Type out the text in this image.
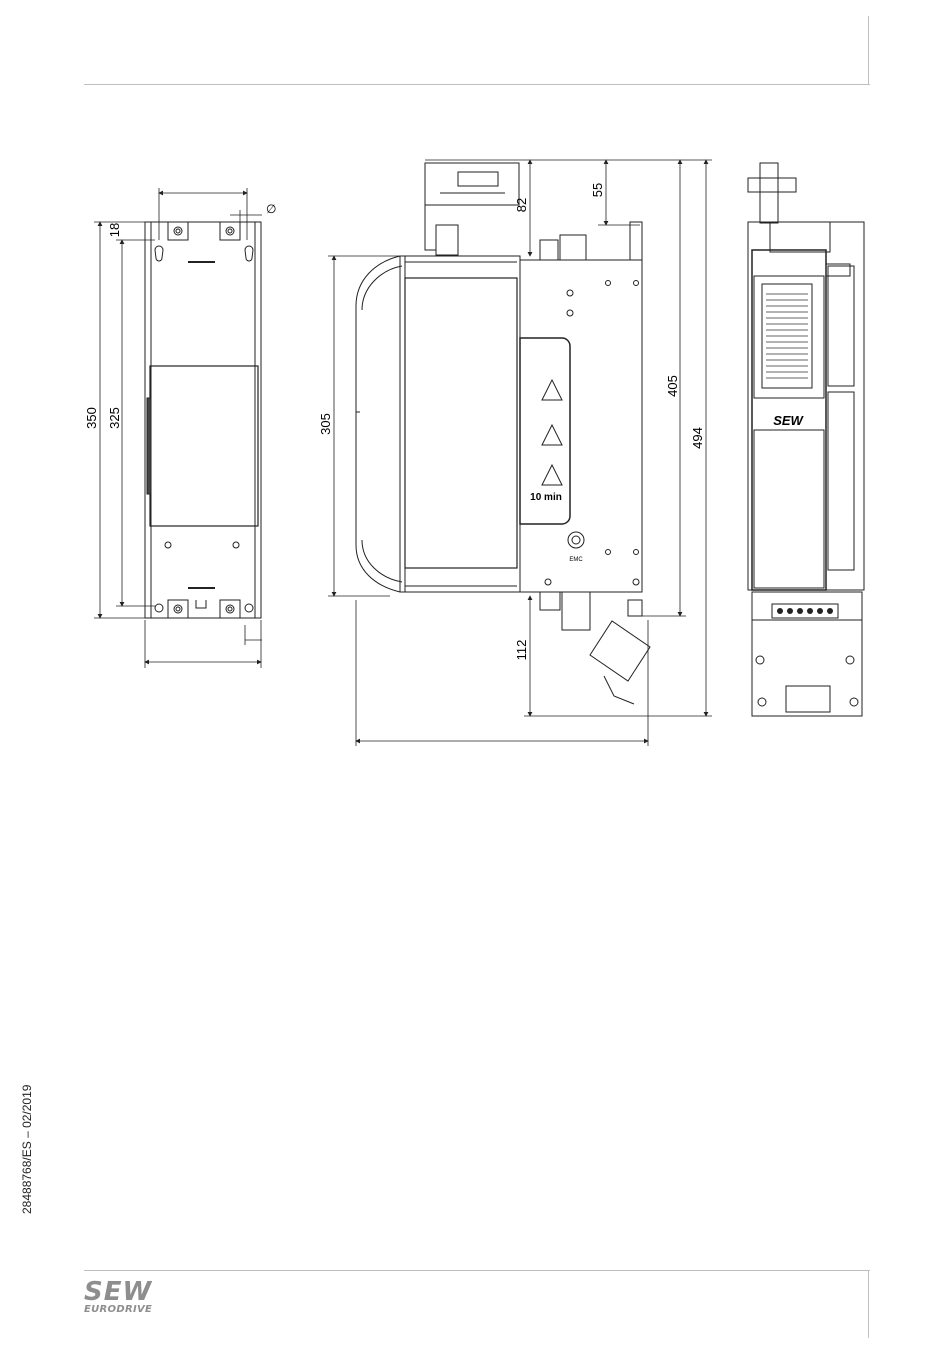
350 325
18
∅
305
82
55
405
494
112
10 min
EMC
SEW
28488768/ES – 02/2019
SEW
EURODRIVE
